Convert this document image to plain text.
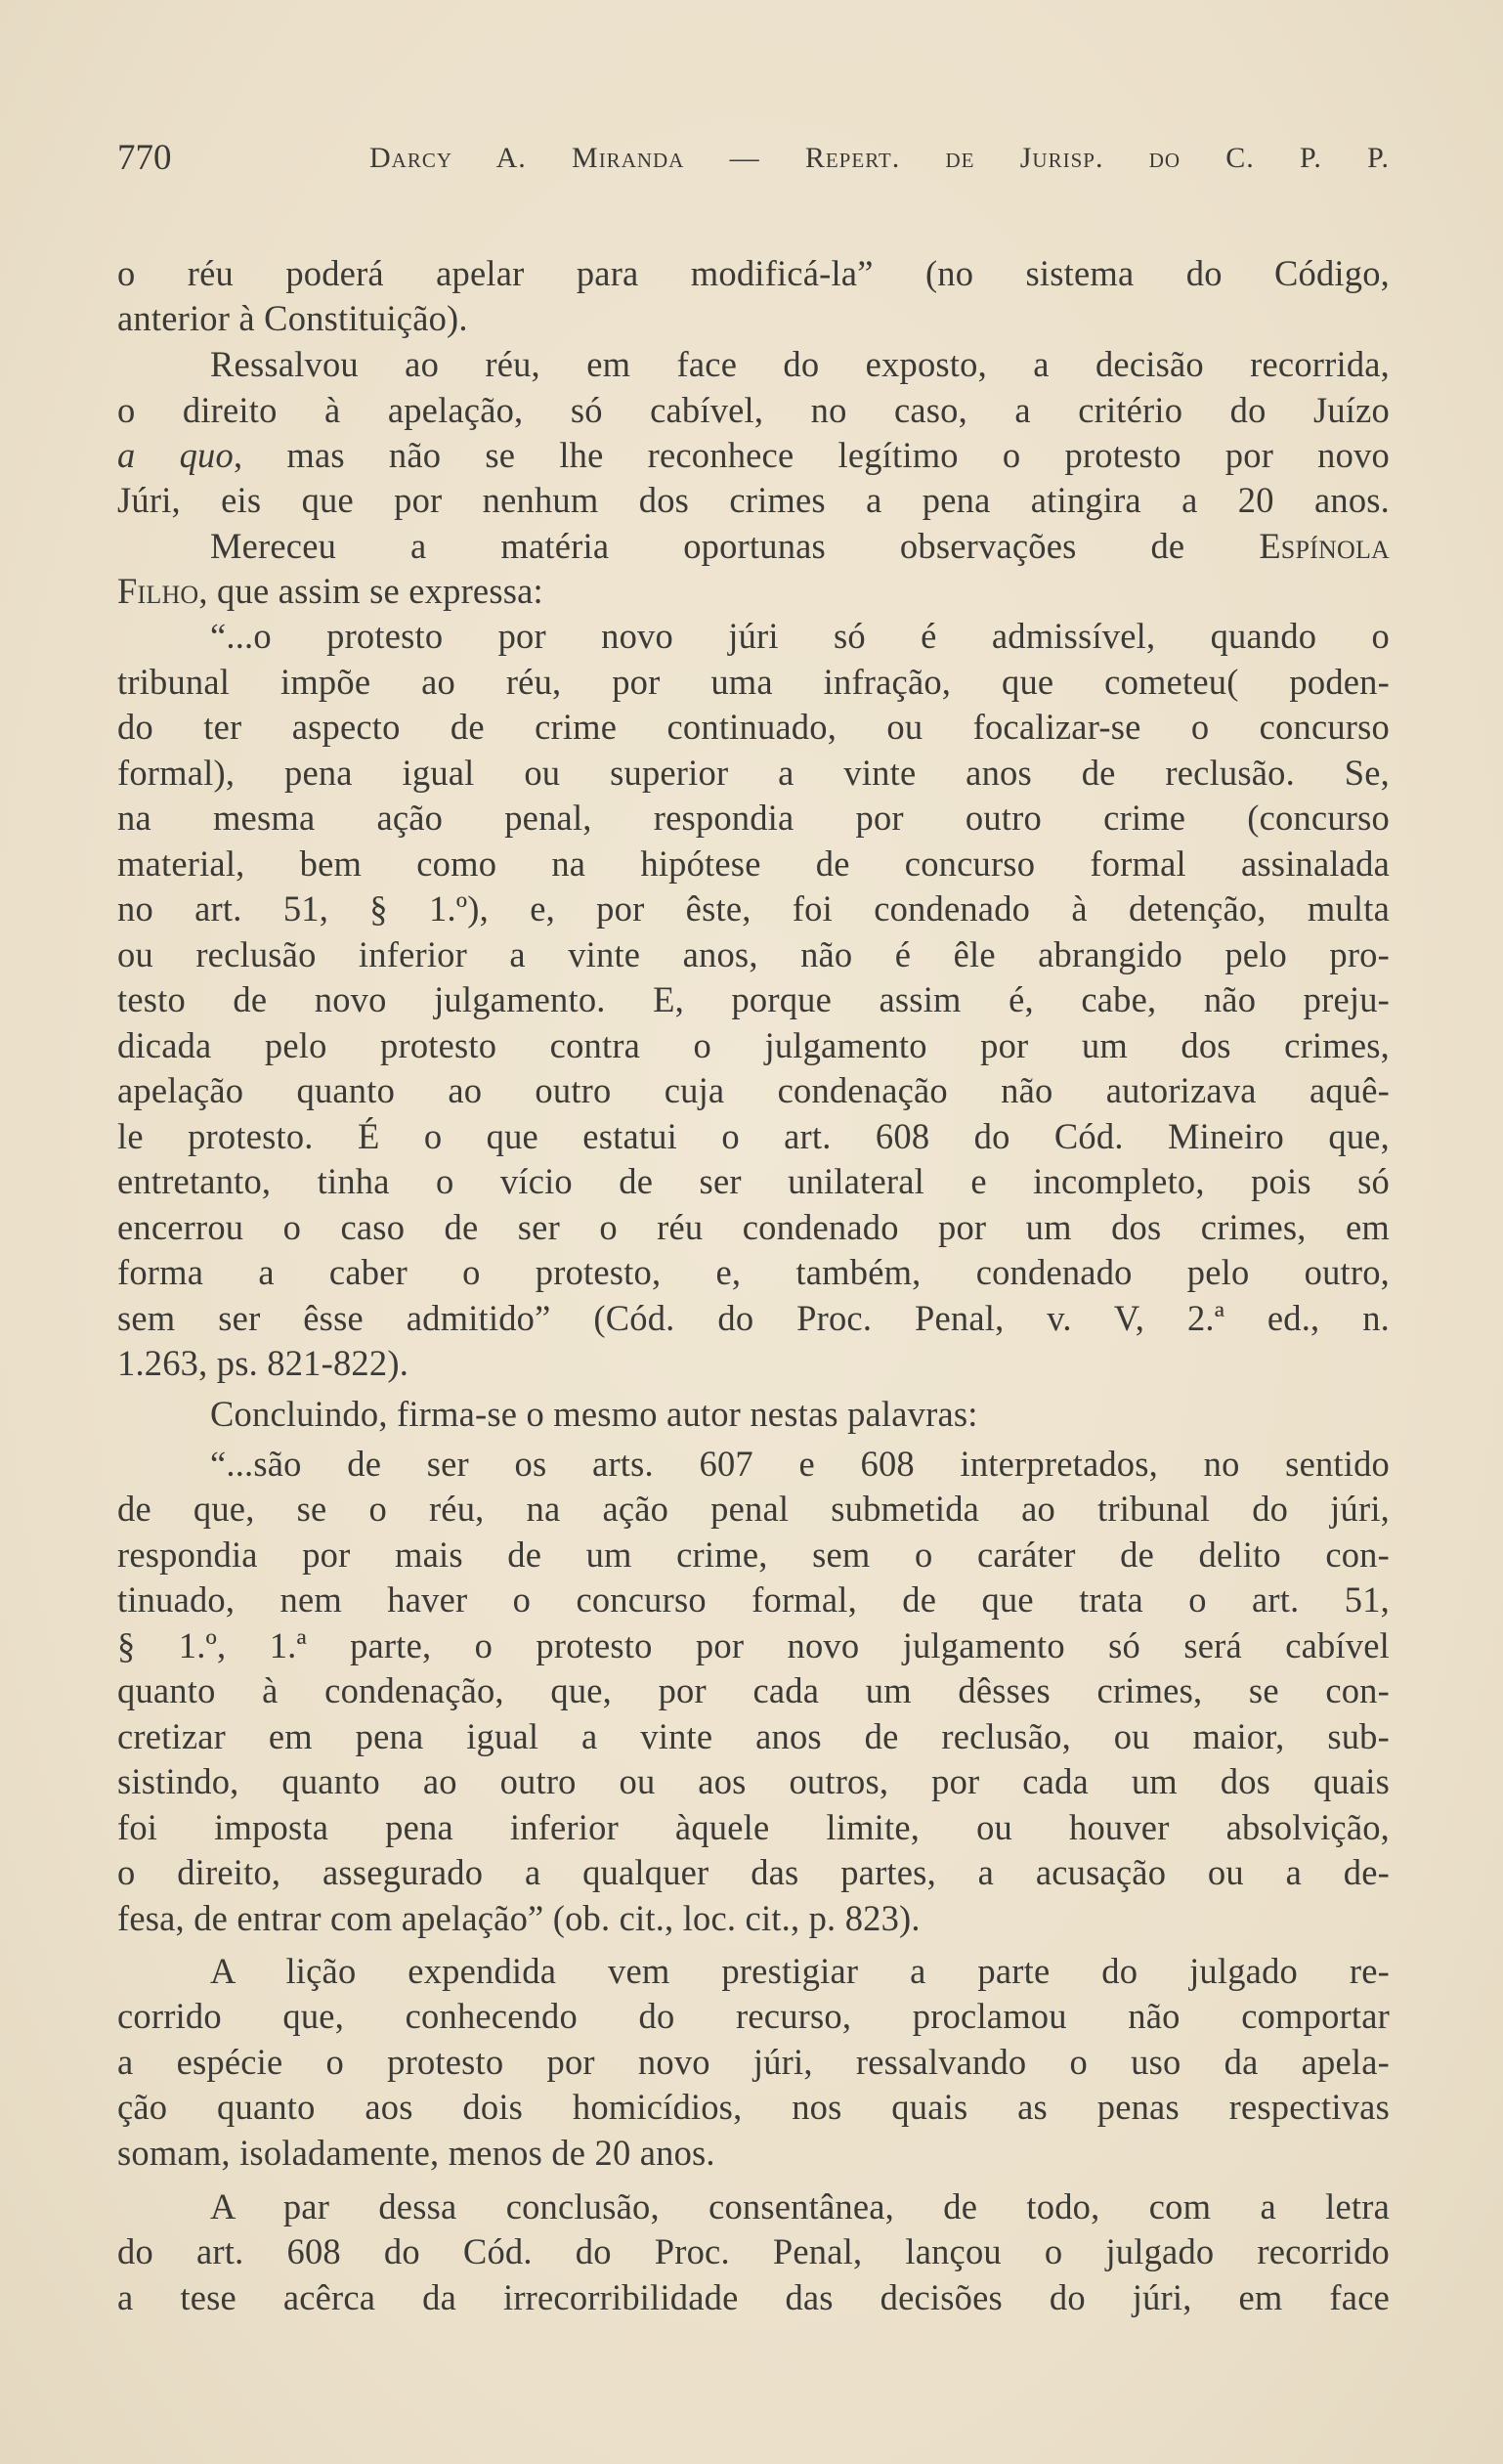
770	Darcy A. Miranda — Repert. de Jurisp. do C. P. P.
o réu poderá apelar para modificá-la” (no sistema do Código,
anterior à Constituição).
Ressalvou ao réu, em face do exposto, a decisão recorrida,
o direito à apelação, só cabível, no caso, a critério do Juízo
a quo, mas não se lhe reconhece legítimo o protesto por novo
Júri, eis que por nenhum dos crimes a pena atingira a 20 anos.
Mereceu a matéria oportunas observações de Espínola
Filho, que assim se expressa:
“...o protesto por novo júri só é admissível, quando o
tribunal impõe ao réu, por uma infração, que cometeu( poden-
do ter aspecto de crime continuado, ou focalizar-se o concurso
formal), pena igual ou superior a vinte anos de reclusão. Se,
na mesma ação penal, respondia por outro crime (concurso
material, bem como na hipótese de concurso formal assinalada
no art. 51, § 1.º), e, por êste, foi condenado à detenção, multa
ou reclusão inferior a vinte anos, não é êle abrangido pelo pro-
testo de novo julgamento. E, porque assim é, cabe, não preju-
dicada pelo protesto contra o julgamento por um dos crimes,
apelação quanto ao outro cuja condenação não autorizava aquê-
le protesto. É o que estatui o art. 608 do Cód. Mineiro que,
entretanto, tinha o vício de ser unilateral e incompleto, pois só
encerrou o caso de ser o réu condenado por um dos crimes, em
forma a caber o protesto, e, também, condenado pelo outro,
sem ser êsse admitido” (Cód. do Proc. Penal, v. V, 2.ª ed., n.
1.263, ps. 821-822).
Concluindo, firma-se o mesmo autor nestas palavras:
“...são de ser os arts. 607 e 608 interpretados, no sentido
de que, se o réu, na ação penal submetida ao tribunal do júri,
respondia por mais de um crime, sem o caráter de delito con-
tinuado, nem haver o concurso formal, de que trata o art. 51,
§ 1.º, 1.ª parte, o protesto por novo julgamento só será cabível
quanto à condenação, que, por cada um dêsses crimes, se con-
cretizar em pena igual a vinte anos de reclusão, ou maior, sub-
sistindo, quanto ao outro ou aos outros, por cada um dos quais
foi imposta pena inferior àquele limite, ou houver absolvição,
o direito, assegurado a qualquer das partes, a acusação ou a de-
fesa, de entrar com apelação” (ob. cit., loc. cit., p. 823).
A lição expendida vem prestigiar a parte do julgado re-
corrido que, conhecendo do recurso, proclamou não comportar
a espécie o protesto por novo júri, ressalvando o uso da apela-
ção quanto aos dois homicídios, nos quais as penas respectivas
somam, isoladamente, menos de 20 anos.
A par dessa conclusão, consentânea, de todo, com a letra
do art. 608 do Cód. do Proc. Penal, lançou o julgado recorrido
a tese acêrca da irrecorribilidade das decisões do júri, em face
